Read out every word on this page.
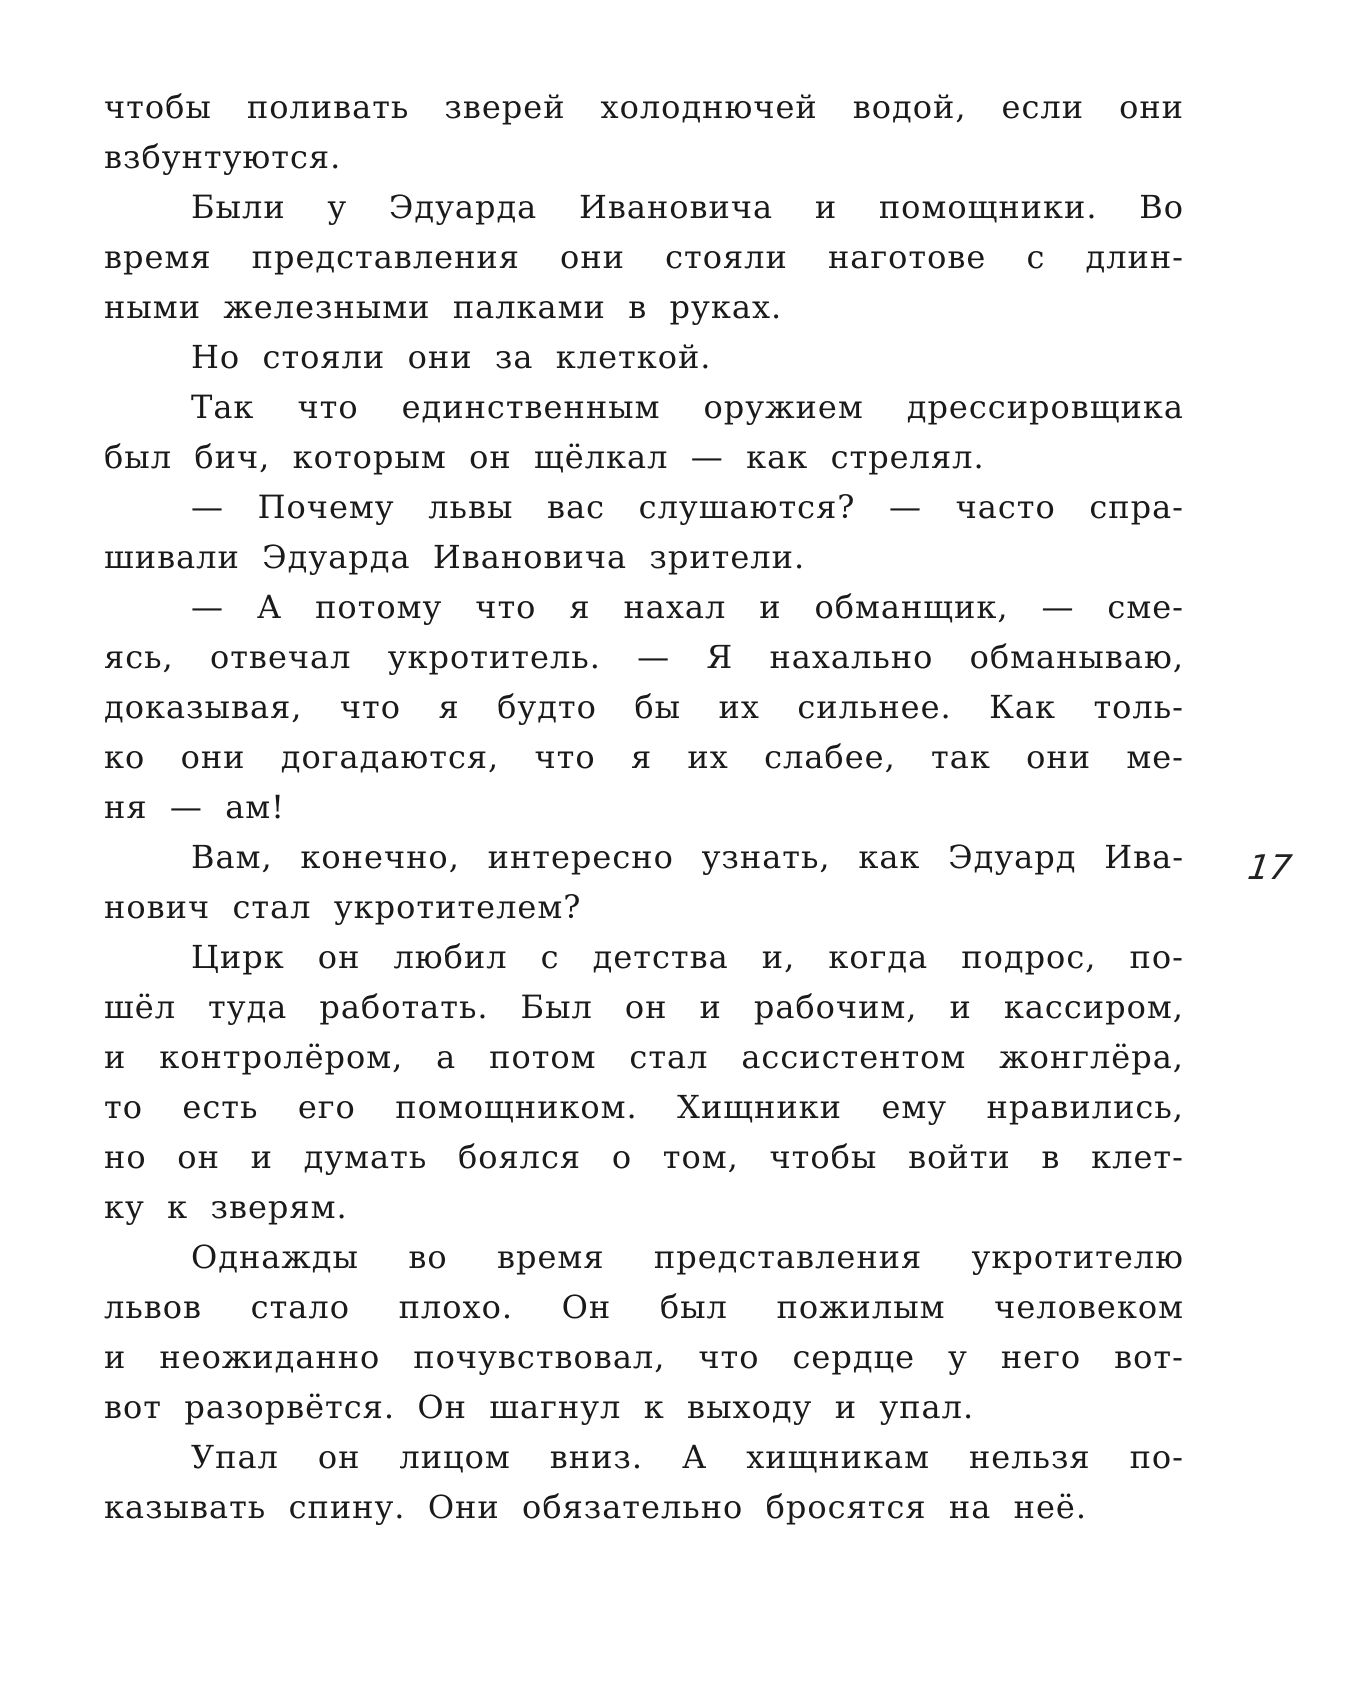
чтобы поливать зверей холоднючей водой, если они
взбунтуются.
Были у Эдуарда Ивановича и помощники. Во
время представления они стояли наготове с длин-
ными железными палками в руках.
Но стояли они за клеткой.
Так что единственным оружием дрессировщика
был бич, которым он щёлкал — как стрелял.
— Почему львы вас слушаются? — часто спра-
шивали Эдуарда Ивановича зрители.
— А потому что я нахал и обманщик, — сме-
ясь, отвечал укротитель. — Я нахально обманываю,
доказывая, что я будто бы их сильнее. Как толь-
ко они догадаются, что я их слабее, так они ме-
ня — ам!
Вам, конечно, интересно узнать, как Эдуард Ива-
нович стал укротителем?
Цирк он любил с детства и, когда подрос, по-
шёл туда работать. Был он и рабочим, и кассиром,
и контролёром, а потом стал ассистентом жонглёра,
то есть его помощником. Хищники ему нравились,
но он и думать боялся о том, чтобы войти в клет-
ку к зверям.
Однажды во время представления укротителю
львов стало плохо. Он был пожилым человеком
и неожиданно почувствовал, что сердце у него вот-
вот разорвётся. Он шагнул к выходу и упал.
Упал он лицом вниз. А хищникам нельзя по-
казывать спину. Они обязательно бросятся на неё.
17
